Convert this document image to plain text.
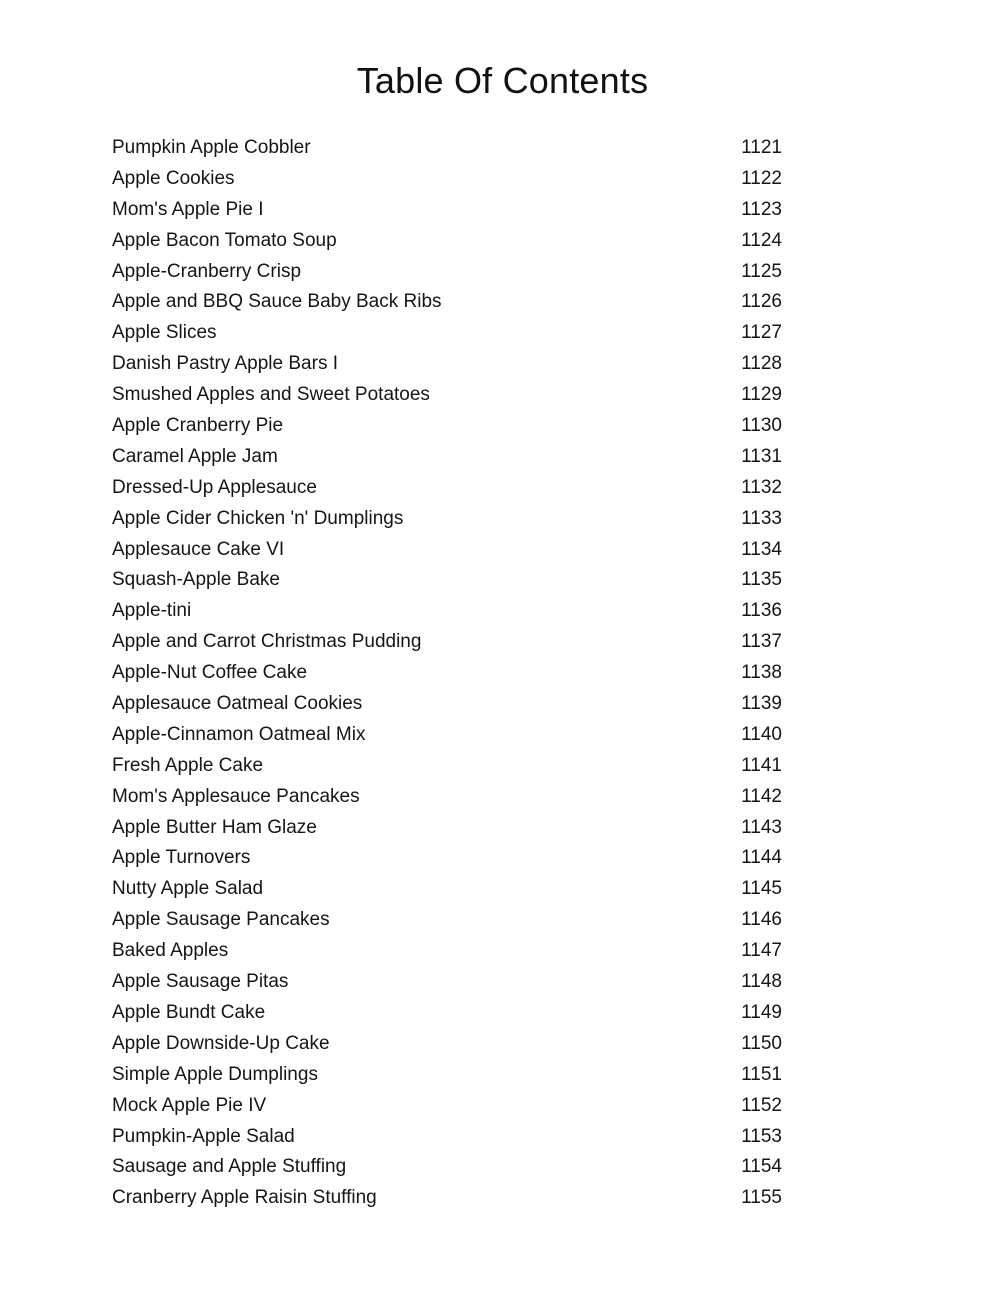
Table Of Contents
Pumpkin Apple Cobbler	1121
Apple Cookies	1122
Mom's Apple Pie I	1123
Apple Bacon Tomato Soup	1124
Apple-Cranberry Crisp	1125
Apple and BBQ Sauce Baby Back Ribs	1126
Apple Slices	1127
Danish Pastry Apple Bars I	1128
Smushed Apples and Sweet Potatoes	1129
Apple Cranberry Pie	1130
Caramel Apple Jam	1131
Dressed-Up Applesauce	1132
Apple Cider Chicken 'n' Dumplings	1133
Applesauce Cake VI	1134
Squash-Apple Bake	1135
Apple-tini	1136
Apple and Carrot Christmas Pudding	1137
Apple-Nut Coffee Cake	1138
Applesauce Oatmeal Cookies	1139
Apple-Cinnamon Oatmeal Mix	1140
Fresh Apple Cake	1141
Mom's Applesauce Pancakes	1142
Apple Butter Ham Glaze	1143
Apple Turnovers	1144
Nutty Apple Salad	1145
Apple Sausage Pancakes	1146
Baked Apples	1147
Apple Sausage Pitas	1148
Apple Bundt Cake	1149
Apple Downside-Up Cake	1150
Simple Apple Dumplings	1151
Mock Apple Pie IV	1152
Pumpkin-Apple Salad	1153
Sausage and Apple Stuffing	1154
Cranberry Apple Raisin Stuffing	1155
